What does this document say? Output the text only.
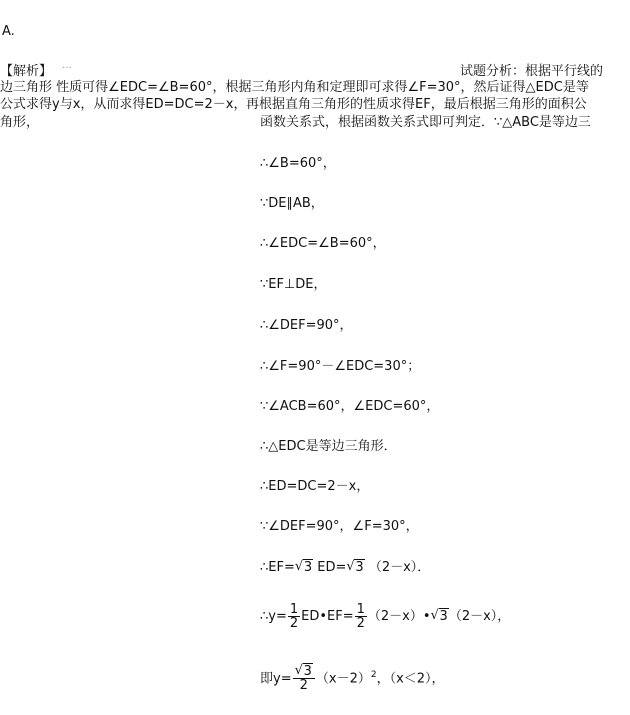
A.
【解析】 …	试题分析：根据平行线的
边三角形 性质可得∠EDC=∠B=60°，根据三角形内角和定理即可求得∠F=30°，然后证得△EDC是等
公式求得y与x，从而求得ED=DC=2－x， 再根据直角三角形的性质求得EF，最后根据三角形的面积公
角形，	函数关系式，根据函数关系式即可判定．∵△ABC是等边三
∴∠B=60°，
∵DE∥AB，
∴∠EDC=∠B=60°，
∵EF⊥DE，
∴∠DEF=90°，
∴∠F=90°－∠EDC=30°；
∵∠ACB=60°，∠EDC=60°，
∴△EDC是等边三角形．
∴ED=DC=2－x，
∵∠DEF=90°，∠F=30°，
∴EF= √ 3 ED= √ 3 （2－x）．
∴y= $\frac{1}{2}$ ED•EF= $\frac{1}{2}$ （2－x）• √ 3（2－x），
即$y= \frac{√ 3}{2} (x-2)^2$，（x＜2），
